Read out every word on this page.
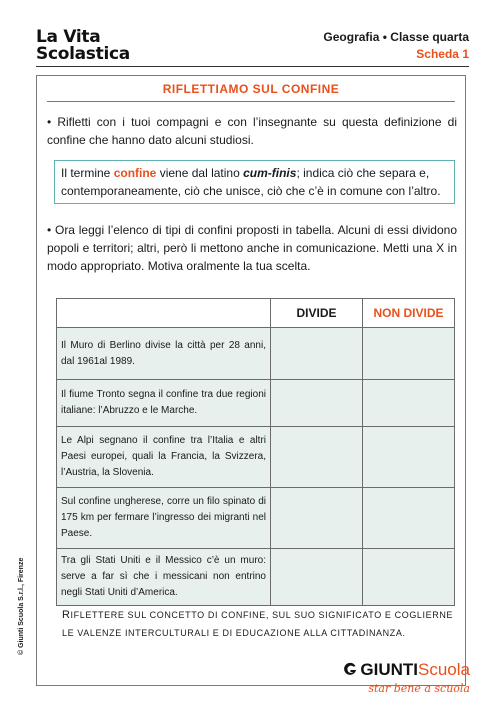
La Vita
Scolastica
Geografia • Classe quarta
Scheda 1
RIFLETTIAMO SUL CONFINE
• Rifletti con i tuoi compagni e con l’insegnante su questa definizione di confine che hanno dato alcuni studiosi.
Il termine confine viene dal latino cum-finis; indica ciò che separa e, contemporaneamente, ciò che unisce, ciò che c’è in comune con l’altro.
• Ora leggi l’elenco di tipi di confini proposti in tabella. Alcuni di essi dividono popoli e territori; altri, però li mettono anche in comunicazione. Metti una X in modo appropriato. Motiva oralmente la tua scelta.
	DIVIDE	NON DIVIDE
Il Muro di Berlino divise la città per 28 anni, dal 1961al 1989.		
Il fiume Tronto segna il confine tra due regioni italiane: l’Abruzzo e le Marche.		
Le Alpi segnano il confine tra l’Italia e altri Paesi europei, quali la Francia, la Svizzera, l’Austria, la Slovenia.		
Sul confine ungherese, corre un filo spinato di 175 km per fermare l’ingresso dei migranti nel Paese.		
Tra gli Stati Uniti e il Messico c’è un muro: serve a far sì che i messicani non entrino negli Stati Uniti d’America.		
RIFLETTERE SUL CONCETTO DI CONFINE, SUL SUO SIGNIFICATO E COGLIERNE LE VALENZE INTERCULTURALI E DI EDUCAZIONE ALLA CITTADINANZA.
© Giunti Scuola S.r.l., Firenze
GIUNTIScuola
star bene a scuola
